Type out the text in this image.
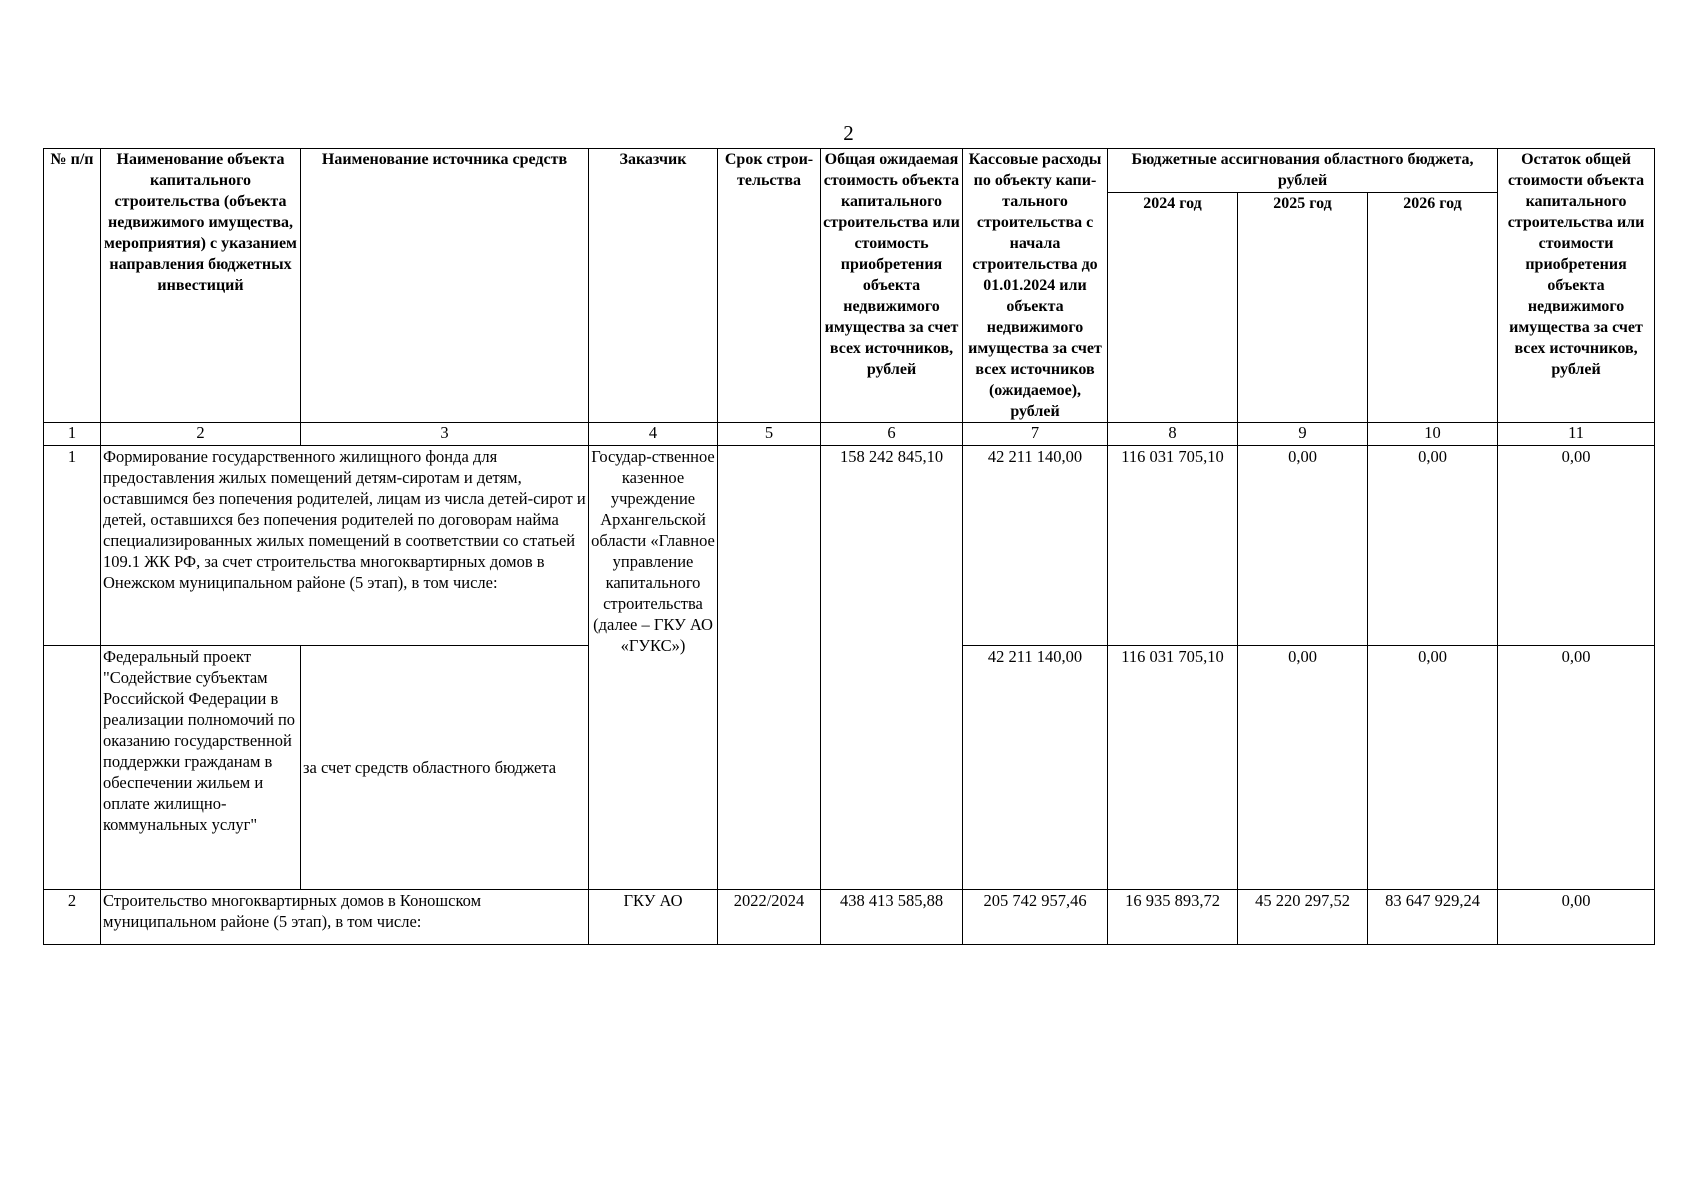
2
№ п/п	Наименование объекта капитального строительства (объекта недвижимого имущества, мероприятия) с указанием направления бюджетных инвестиций	Наименование источника средств	Заказчик	Срок строи-тельства	Общая ожидаемая стоимость объекта капитального строительства или стоимость приобретения объекта недвижимого имущества за счет всех источников, рублей	Кассовые расходы по объекту капи-тального строительства с начала строительства до 01.01.2024 или объекта недвижимого имущества за счет всех источников (ожидаемое), рублей	Бюджетные ассигнования областного бюджета, рублей			Остаток общей стоимости объекта капитального строительства или стоимости приобретения объекта недвижимого имущества за счет всех источников, рублей
							2024 год	2025 год	2026 год	
1	2	3	4	5	6	7	8	9	10	11
1	Формирование государственного жилищного фонда для предоставления жилых помещений детям-сиротам и детям, оставшимся без попечения родителей, лицам из числа детей-сирот и детей, оставшихся без попечения родителей по договорам найма специализированных жилых помещений в соответствии со статьей 109.1 ЖК РФ, за счет строительства многоквартирных домов в Онежском муниципальном районе (5 этап), в том числе:		Государ-ственное казенное учреждение Архангельской области «Главное управление капитального строительства (далее – ГКУ АО «ГУКС»)		158 242 845,10	42 211 140,00	116 031 705,10	0,00	0,00	0,00
	Федеральный проект "Содействие субъектам Российской Федерации в реализации полномочий по оказанию государственной поддержки гражданам в обеспечении жильем и оплате жилищно-коммунальных услуг"	за счет средств областного бюджета				42 211 140,00	116 031 705,10	0,00	0,00	0,00
2	Строительство многоквартирных домов в Коношском муниципальном районе (5 этап), в том числе:		ГКУ АО	2022/2024	438 413 585,88	205 742 957,46	16 935 893,72	45 220 297,52	83 647 929,24	0,00
